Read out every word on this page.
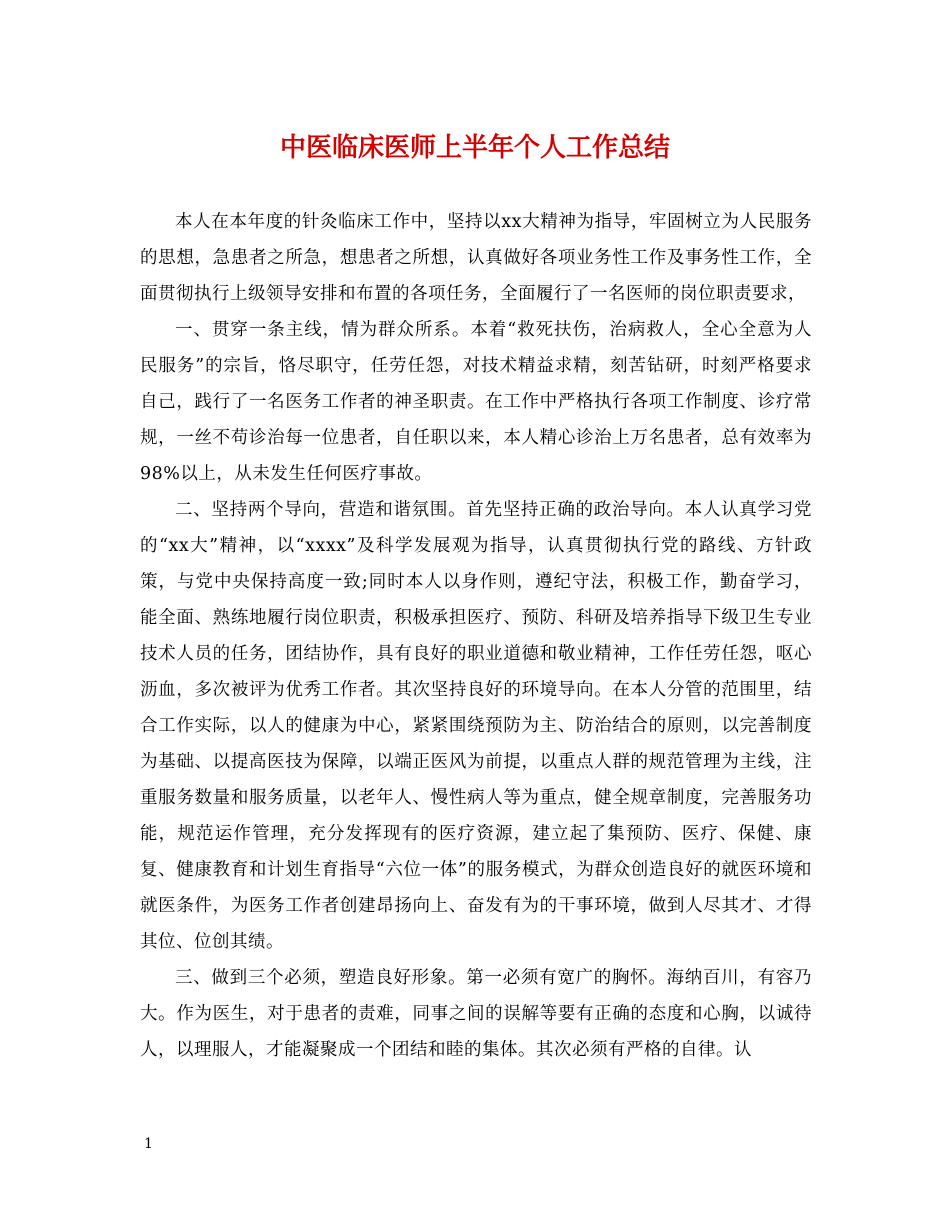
中医临床医师上半年个人工作总结

本人在本年度的针灸临床工作中，坚持以xx大精神为指导，牢固树立为人民服务的思想，急患者之所急，想患者之所想，认真做好各项业务性工作及事务性工作，全面贯彻执行上级领导安排和布置的各项任务，全面履行了一名医师的岗位职责要求，

一、贯穿一条主线，情为群众所系。本着“救死扶伤，治病救人，全心全意为人民服务”的宗旨，恪尽职守，任劳任怨，对技术精益求精，刻苦钻研，时刻严格要求自己，践行了一名医务工作者的神圣职责。在工作中严格执行各项工作制度、诊疗常规，一丝不苟诊治每一位患者，自任职以来，本人精心诊治上万名患者，总有效率为98%以上，从未发生任何医疗事故。

二、坚持两个导向，营造和谐氛围。首先坚持正确的政治导向。本人认真学习党的“xx大”精神，以“xxxx”及科学发展观为指导，认真贯彻执行党的路线、方针政策，与党中央保持高度一致;同时本人以身作则，遵纪守法，积极工作，勤奋学习，能全面、熟练地履行岗位职责，积极承担医疗、预防、科研及培养指导下级卫生专业技术人员的任务，团结协作，具有良好的职业道德和敬业精神，工作任劳任怨，呕心沥血，多次被评为优秀工作者。其次坚持良好的环境导向。在本人分管的范围里，结合工作实际，以人的健康为中心，紧紧围绕预防为主、防治结合的原则，以完善制度为基础、以提高医技为保障，以端正医风为前提，以重点人群的规范管理为主线，注重服务数量和服务质量，以老年人、慢性病人等为重点，健全规章制度，完善服务功能，规范运作管理，充分发挥现有的医疗资源，建立起了集预防、医疗、保健、康复、健康教育和计划生育指导“六位一体”的服务模式，为群众创造良好的就医环境和就医条件，为医务工作者创建昂扬向上、奋发有为的干事环境，做到人尽其才、才得其位、位创其绩。

三、做到三个必须，塑造良好形象。第一必须有宽广的胸怀。海纳百川，有容乃大。作为医生，对于患者的责难，同事之间的误解等要有正确的态度和心胸，以诚待人，以理服人，才能凝聚成一个团结和睦的集体。其次必须有严格的自律。认

1
